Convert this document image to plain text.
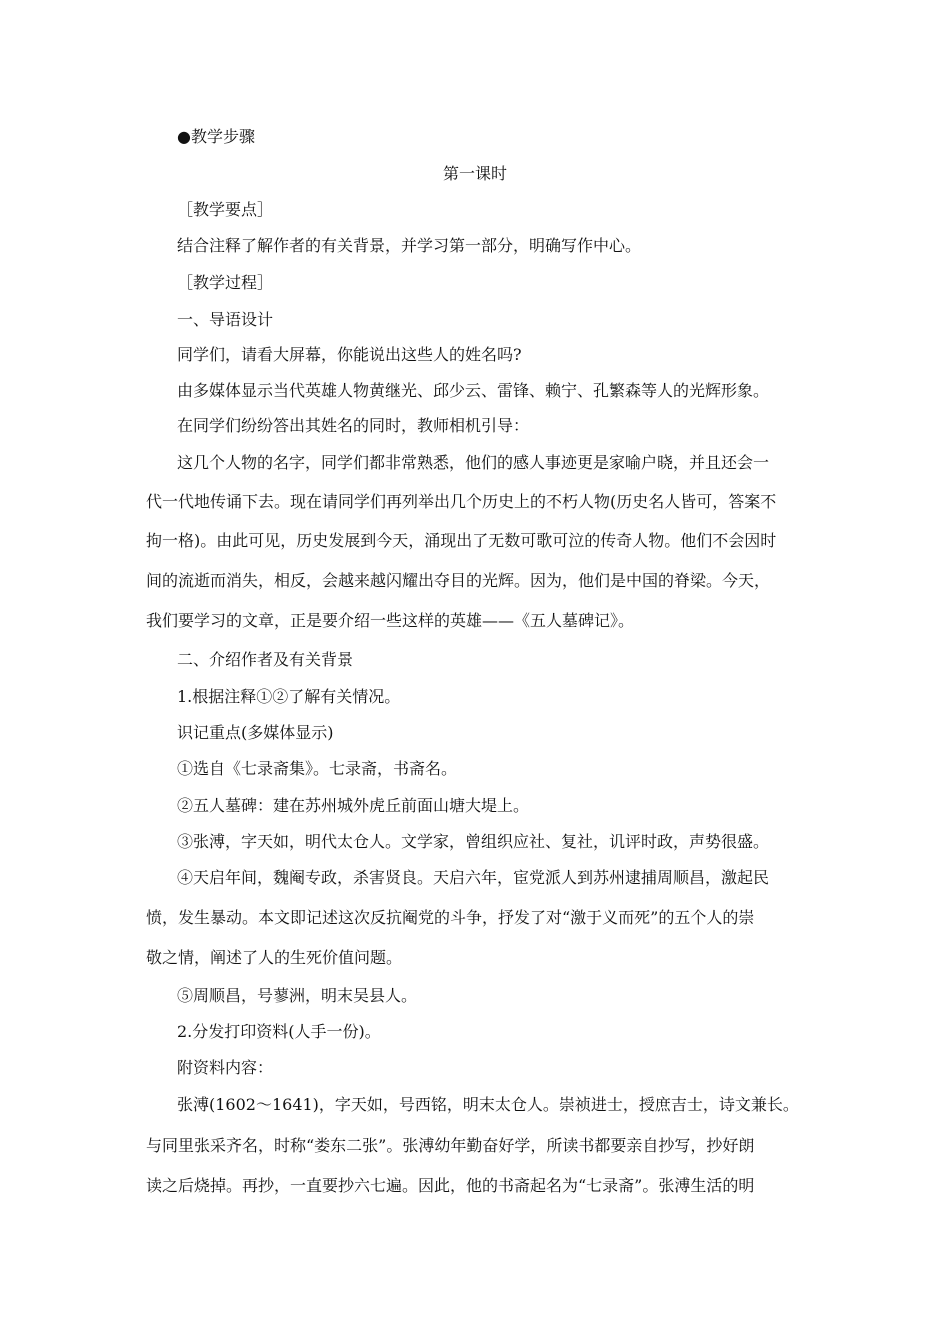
●教学步骤
第一课时
［教学要点］
结合注释了解作者的有关背景，并学习第一部分，明确写作中心。
［教学过程］
一、导语设计
同学们，请看大屏幕，你能说出这些人的姓名吗?
由多媒体显示当代英雄人物黄继光、邱少云、雷锋、赖宁、孔繁森等人的光辉形象。
在同学们纷纷答出其姓名的同时，教师相机引导：
这几个人物的名字，同学们都非常熟悉，他们的感人事迹更是家喻户晓，并且还会一
代一代地传诵下去。现在请同学们再列举出几个历史上的不朽人物(历史名人皆可，答案不
拘一格)。由此可见，历史发展到今天，涌现出了无数可歌可泣的传奇人物。他们不会因时
间的流逝而消失，相反，会越来越闪耀出夺目的光辉。因为，他们是中国的脊梁。今天，
我们要学习的文章，正是要介绍一些这样的英雄——《五人墓碑记》。
二、介绍作者及有关背景
1.根据注释①②了解有关情况。
识记重点(多媒体显示)
①选自《七录斋集》。七录斋，书斋名。
②五人墓碑：建在苏州城外虎丘前面山塘大堤上。
③张溥，字天如，明代太仓人。文学家，曾组织应社、复社，讥评时政，声势很盛。
④天启年间，魏阉专政，杀害贤良。天启六年，宦党派人到苏州逮捕周顺昌，激起民
愤，发生暴动。本文即记述这次反抗阉党的斗争，抒发了对“激于义而死”的五个人的崇
敬之情，阐述了人的生死价值问题。
⑤周顺昌，号蓼洲，明末吴县人。
2.分发打印资料(人手一份)。
附资料内容：
张溥(1602～1641)，字天如，号西铭，明末太仓人。崇祯进士，授庶吉士，诗文兼长。
与同里张采齐名，时称“娄东二张”。张溥幼年勤奋好学，所读书都要亲自抄写，抄好朗
读之后烧掉。再抄，一直要抄六七遍。因此，他的书斋起名为“七录斋”。张溥生活的明
